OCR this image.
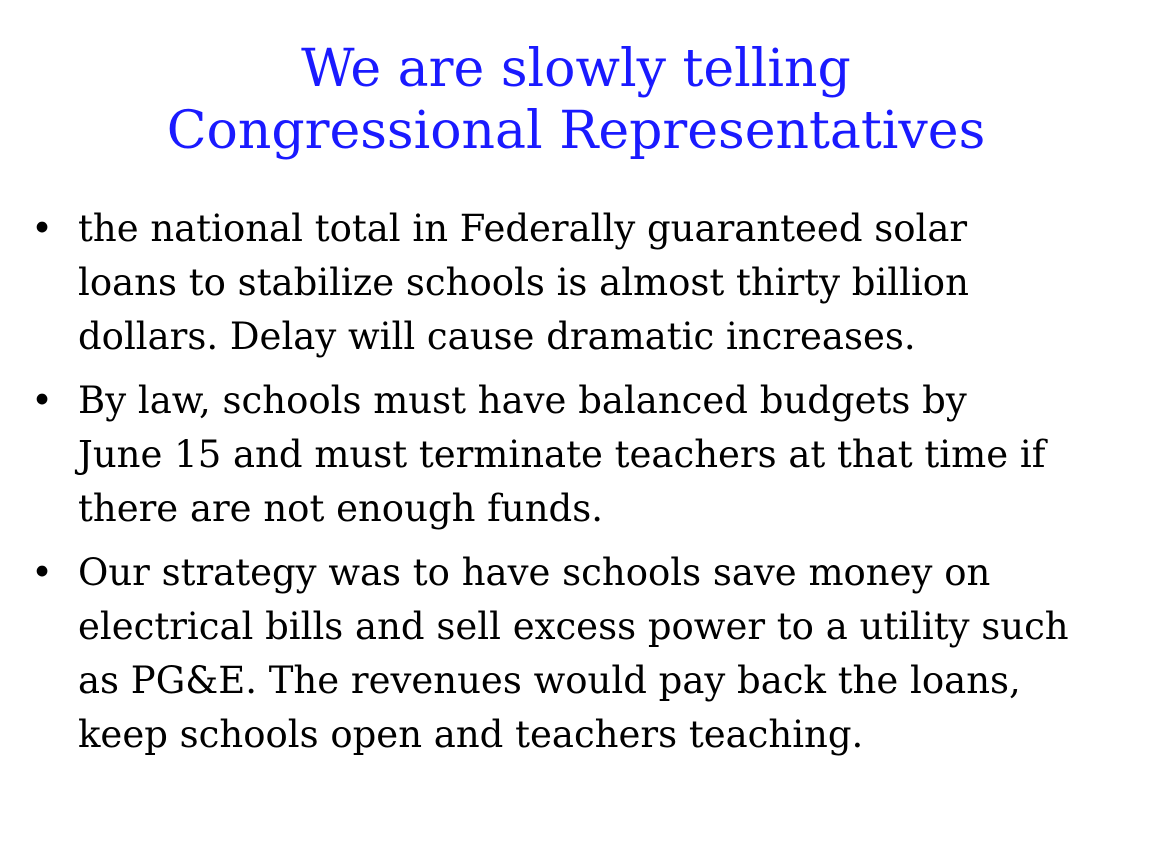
We are slowly telling
Congressional Representatives
• the national total in Federally guaranteed solar
loans to stabilize schools is almost thirty billion
dollars. Delay will cause dramatic increases.
• By law, schools must have balanced budgets by
June 15 and must terminate teachers at that time if
there are not enough funds.
• Our strategy was to have schools save money on
electrical bills and sell excess power to a utility such
as PG&E. The revenues would pay back the loans,
keep schools open and teachers teaching.
